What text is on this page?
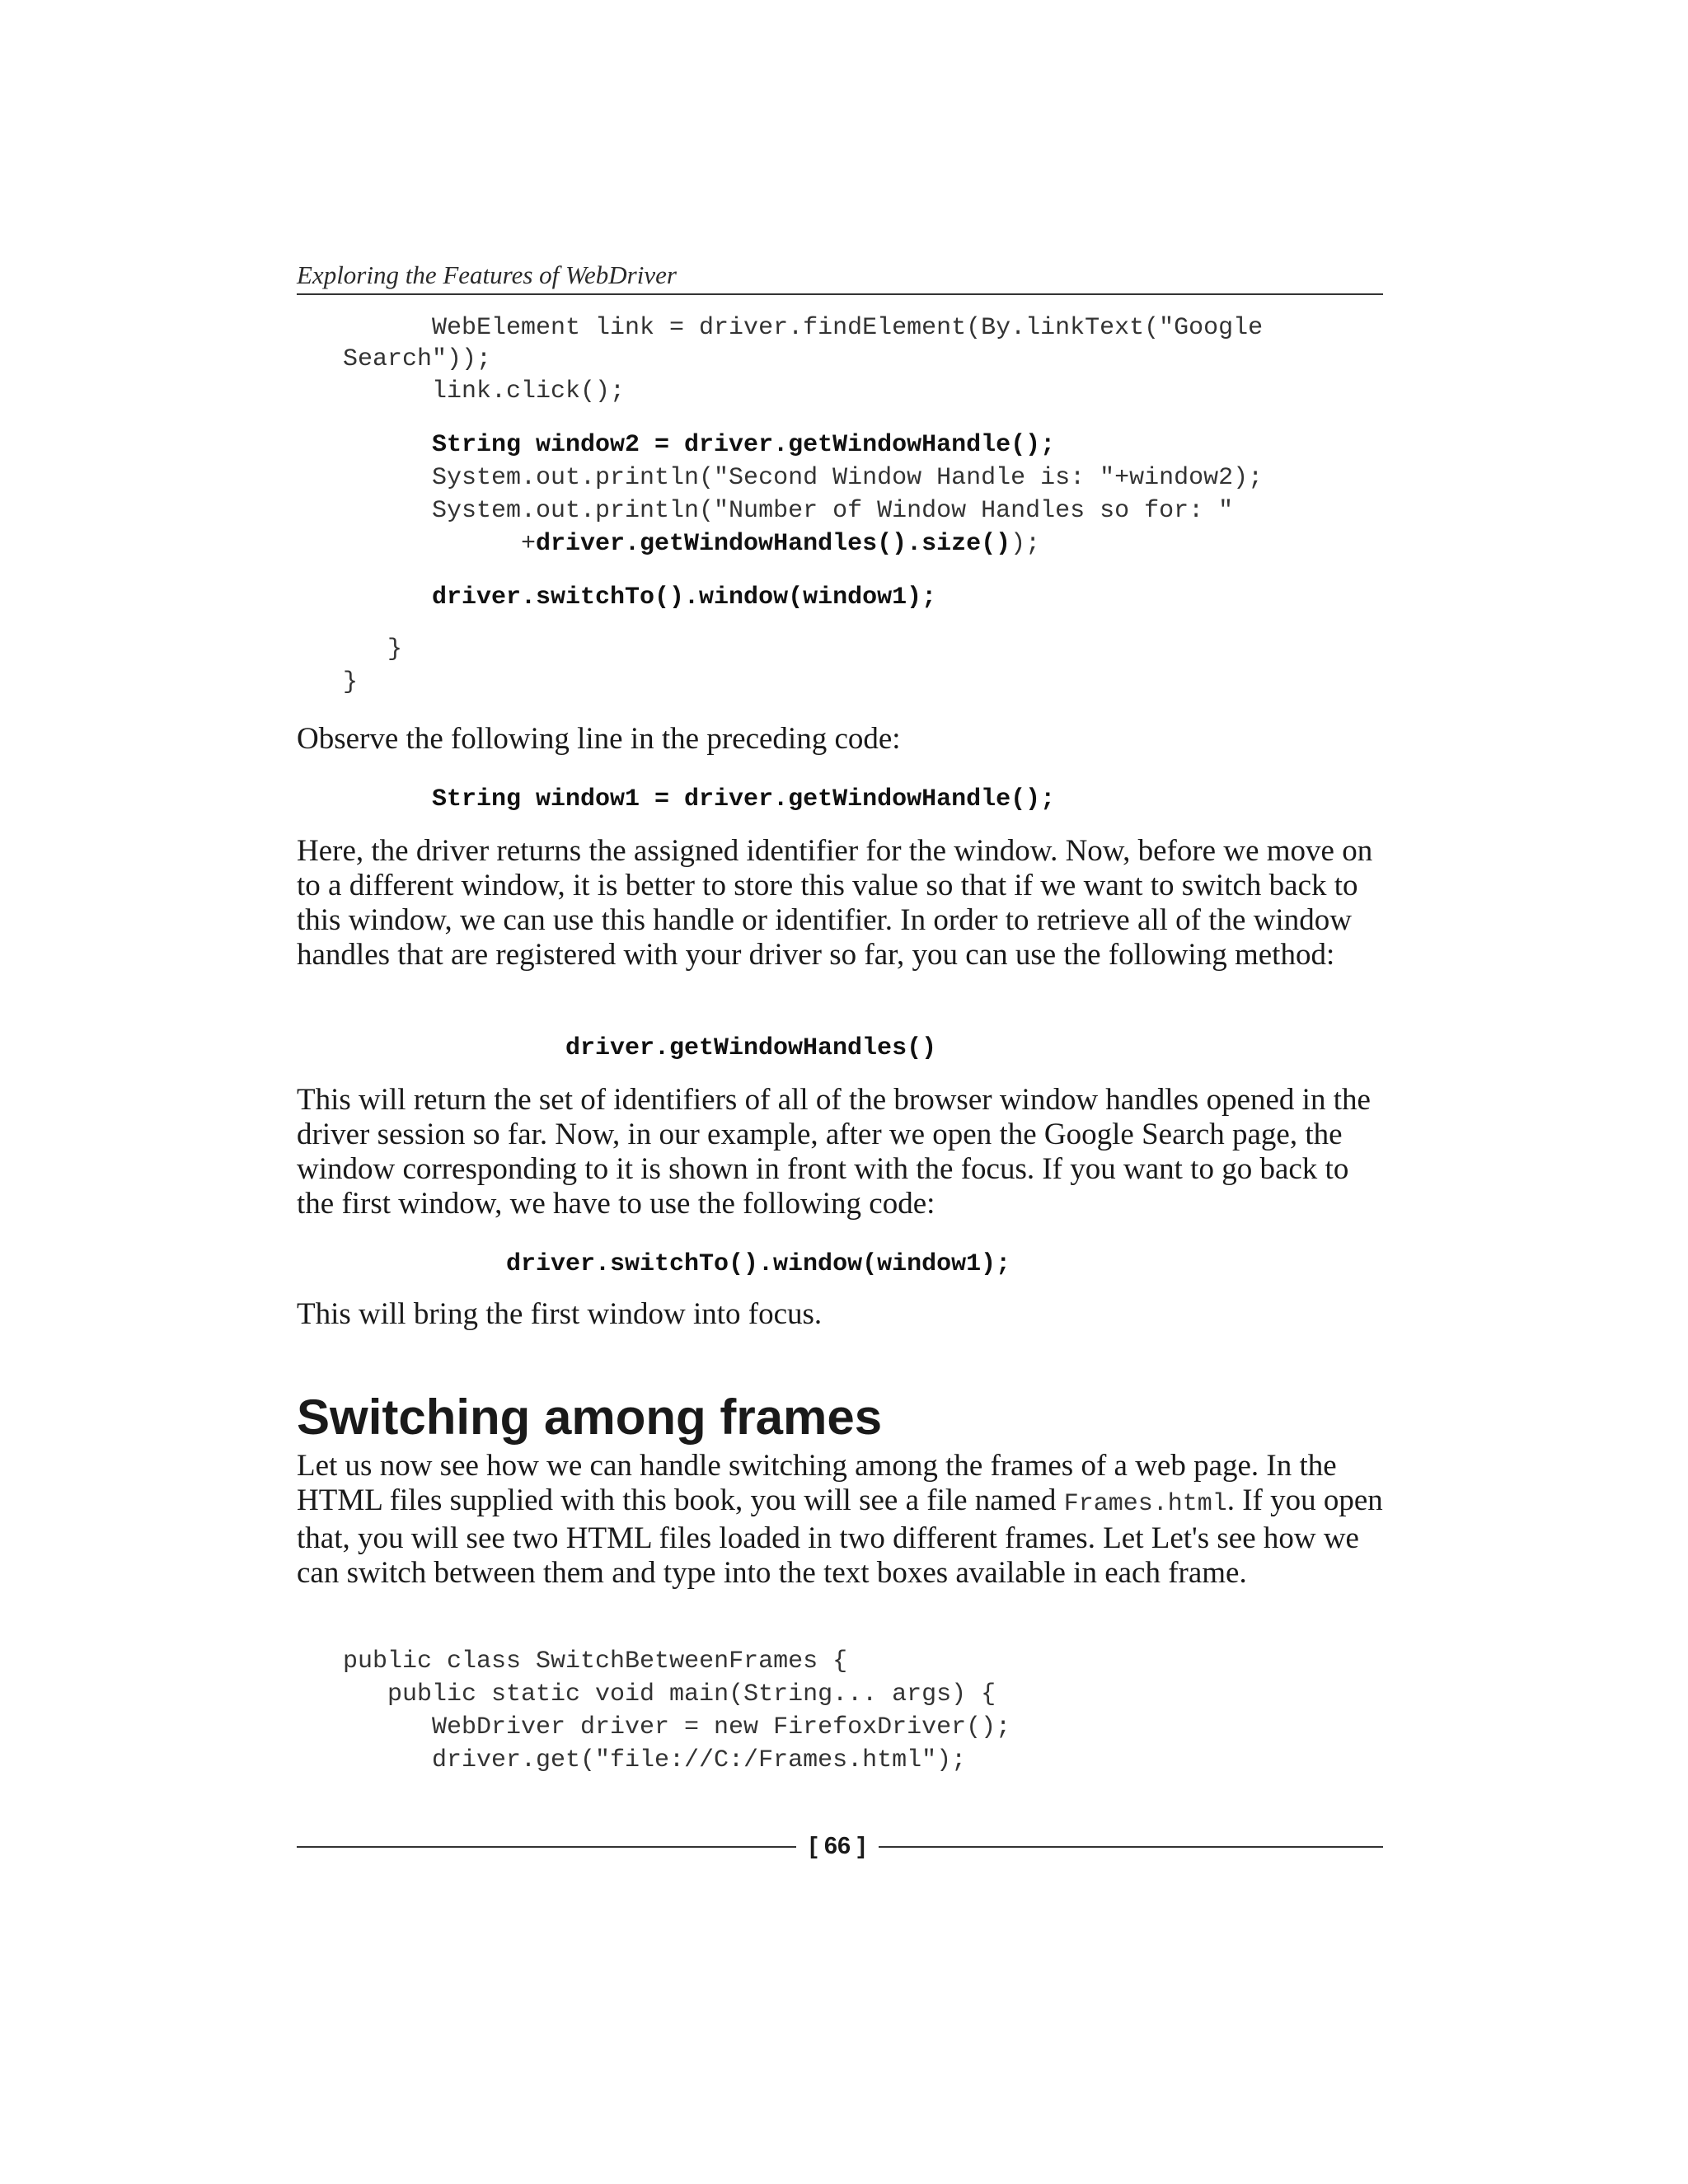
Exploring the Features of WebDriver
WebElement link = driver.findElement(By.linkText("Google
Search"));
link.click();
String window2 = driver.getWindowHandle();
System.out.println("Second Window Handle is: "+window2);
System.out.println("Number of Window Handles so for: "
+driver.getWindowHandles().size());
driver.switchTo().window(window1);
}
}
Observe the following line in the preceding code:
String window1 = driver.getWindowHandle();
Here, the driver returns the assigned identifier for the window. Now, before we move on to a different window, it is better to store this value so that if we want to switch back to this window, we can use this handle or identifier. In order to retrieve all of the window handles that are registered with your driver so far, you can use the following method:
driver.getWindowHandles()
This will return the set of identifiers of all of the browser window handles opened in the driver session so far. Now, in our example, after we open the Google Search page, the window corresponding to it is shown in front with the focus. If you want to go back to the first window, we have to use the following code:
driver.switchTo().window(window1);
This will bring the first window into focus.
Switching among frames
Let us now see how we can handle switching among the frames of a web page. In the HTML files supplied with this book, you will see a file named Frames.html. If you open that, you will see two HTML files loaded in two different frames. Let Let's see how we can switch between them and type into the text boxes available in each frame.
public class SwitchBetweenFrames {
public static void main(String... args) {
WebDriver driver = new FirefoxDriver();
driver.get("file://C:/Frames.html");
[ 66 ]
